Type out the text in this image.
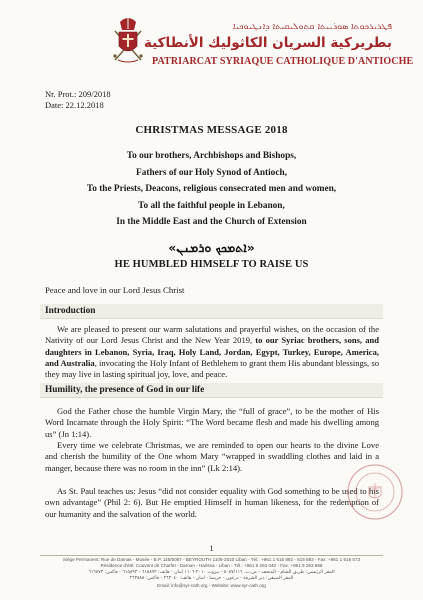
ܦܛܪܝܪܟܘܬܐ ܣܘܪܝܝܬܐ ܩܬܘܠܝܩܝܬܐ ܕܐܢܛܝܘܟܝܐ
بطريركية السريان الكاثوليك الأنطاكية
PATRIARCAT SYRIAQUE CATHOLIQUE D'ANTIOCHE
Nr. Prot.: 209/2018
Date: 22.12.2018
CHRISTMAS MESSAGE 2018
To our brothers, Archbishops and Bishops,
Fathers of our Holy Synod of Antioch,
To the Priests, Deacons, religious consecrated men and women,
To all the faithful people in Lebanon,
In the Middle East and the Church of Extension
«ܐܬܡܟܟ ܘܪܡܢܢ»
HE HUMBLED HIMSELF TO RAISE US
Peace and love in our Lord Jesus Christ
Introduction
We are pleased to present our warm salutations and prayerful wishes, on the occasion of the Nativity of our Lord Jesus Christ and the New Year 2019, to our Syriac brothers, sons, and daughters in Lebanon, Syria, Iraq, Holy Land, Jordan, Egypt, Turkey, Europe, America, and Australia, invocating the Holy Infant of Bethlehem to grant them His abundant blessings, so they may live in lasting spiritual joy, love, and peace.
Humility, the presence of God in our life
God the Father chose the humble Virgin Mary, the “full of grace”, to be the mother of His Word Incarnate through the Holy Spirit: “The Word became flesh and made his dwelling among us” (Jn 1:14).
Every time we celebrate Christmas, we are reminded to open our hearts to the divine Love and cherish the humility of the One whom Mary “wrapped in swaddling clothes and laid in a manger, because there was no room in the inn” (Lk 2:14).
As St. Paul teaches us: Jesus “did not consider equality with God something to be used to his own advantage” (Phil 2: 6). But He emptied Himself in human likeness, for the redemption of our humanity and the salvation of the world.
1
Siège Permanent: Rue de Damas - Musée - B.P. 116/5087 - BEYROUTH 1106-2010 Liban - Tél.: +961 1 615 892 - 615 893 - Fax: +961 1 616 573
Résidence d'été: Couvent de Charfet - Daroun - Harissa - Liban - Tél.: +961 9 263 040 - Fax: +961 9 263 888
المقر الرئيسي: طريق الشام - المتحف - ص.ب. ٥٠٨٧/١١٦ - بيروت ٢٠١٠-١١٠٦ لبنان - هاتف: ٦١٥٨٩٢ - ٦١٥٨٩٣ - فاكس: ٦١٦٥٧٣
المقر الصيفي: دير الشرفة - درعون - حريصا - لبنان - هاتف: ٢٦٣٠٤٠ - فاكس: ٢٦٣٨٨٨
Email: info@syr-cath.org - Website: www.syr-cath.org
